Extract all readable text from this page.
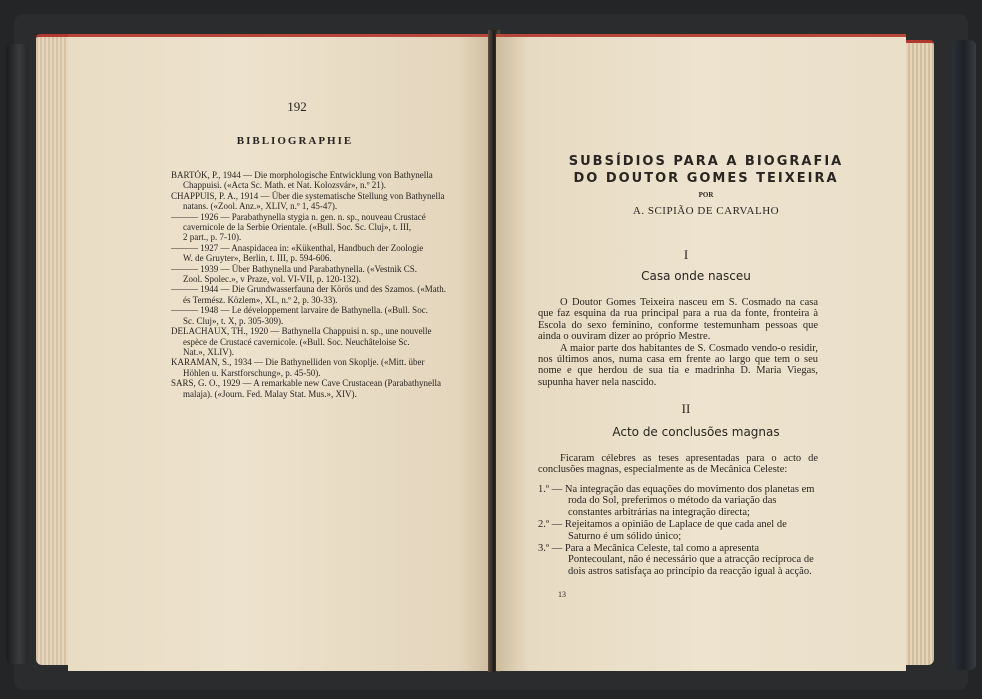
192
BIBLIOGRAPHIE

BARTÓK, P., 1944 — Die morphologische Entwicklung von Bathynella

Chappuisi. («Acta Sc. Math. et Nat. Kolozsvár», n.º 21).

CHAPPUIS, P. A., 1914 — Über die systematische Stellung von Bathynella

natans. («Zool. Anz.», XLIV, n.º 1, 45-47).

——— 1926 — Parabathynella stygia n. gen. n. sp., nouveau Crustacé

cavernicole de la Serbie Orientale. («Bull. Soc. Sc. Cluj», t. III,

2 part., p. 7-10).

——— 1927 — Anaspidacea in: «Kükenthal, Handbuch der Zoologie

W. de Gruyter», Berlin, t. III, p. 594-606.

——— 1939 — Über Bathynella und Parabathynella. («Vestnik CS.

Zool. Spolec.», v Praze, vol. VI-VII, p. 120-132).

——— 1944 — Die Grundwasserfauna der Körös und des Szamos. («Math.

és Termész. Közlem», XL, n.º 2, p. 30-33).

——— 1948 — Le développement larvaire de Bathynella. («Bull. Soc.

Sc. Cluj», t. X, p. 305-309).

DELACHAUX, TH., 1920 — Bathynella Chappuisi n. sp., une nouvelle

espèce de Crustacé cavernicole. («Bull. Soc. Neuchâteloise Sc.

Nat.», XLIV).

KARAMAN, S., 1934 — Die Bathynelliden von Skoplje. («Mitt. über

Höhlen u. Karstforschung», p. 45-50).

SARS, G. O., 1929 — A remarkable new Cave Crustacean (Parabathynella

malaja). («Journ. Fed. Malay Stat. Mus.», XIV).

SUBSÍDIOS PARA A BIOGRAFIA
DO DOUTOR GOMES TEIXEIRA
POR
A. SCIPIÃO DE CARVALHO
I
Casa onde nasceu

O Doutor Gomes Teixeira nasceu em S. Cosmado na casa que faz esquina da rua principal para a rua da fonte, fronteira à Escola do sexo feminino, conforme testemunham pessoas que ainda o ouviram dizer ao próprio Mestre.

A maior parte dos habitantes de S. Cosmado vendo-o residir, nos últimos anos, numa casa em frente ao largo que tem o seu nome e que herdou de sua tia e madrinha D. Maria Viegas, supunha haver nela nascido.

II
Acto de conclusões magnas

Ficaram célebres as teses apresentadas para o acto de conclusões magnas, especialmente as de Mecânica Celeste:

1.º — Na integração das equações do movimento dos planetas em roda do Sol, preferimos o método da variação das constantes arbitrárias na integração directa;

2.º — Rejeitamos a opinião de Laplace de que cada anel de Saturno é um sólido único;

3.º — Para a Mecânica Celeste, tal como a apresenta Pontecoulant, não é necessário que a atracção recíproca de dois astros satisfaça ao princípio da reacção igual à acção.

13
